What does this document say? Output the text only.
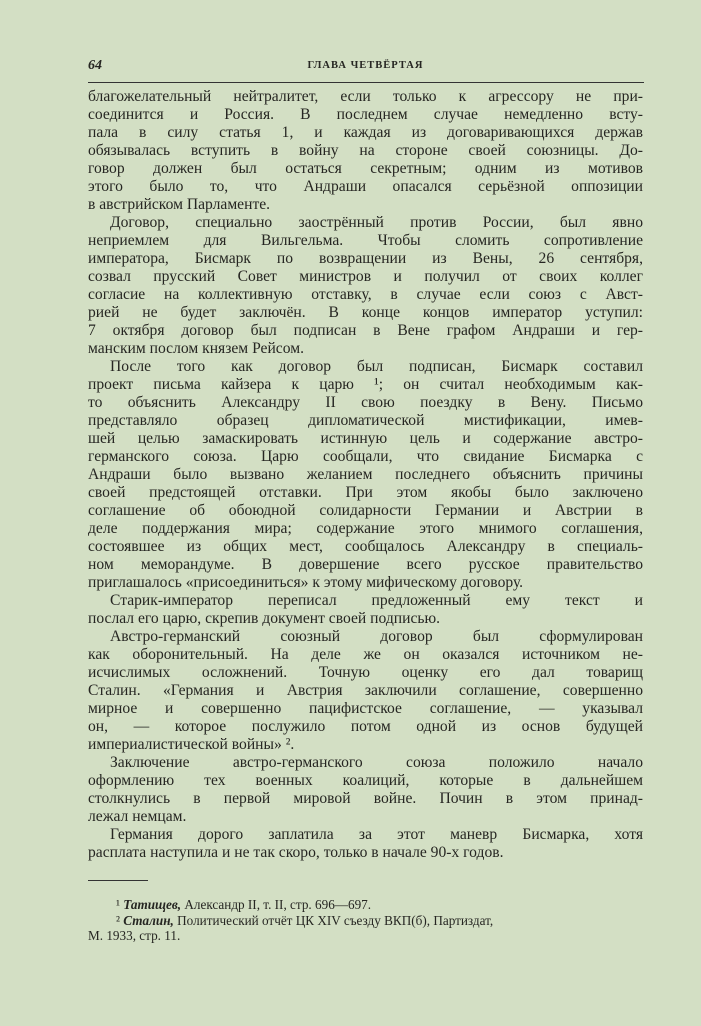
64	ГЛАВА ЧЕТВЁРТАЯ
благожелательный нейтралитет, если только к агрессору не при-
соединится и Россия. В последнем случае немедленно всту-
пала в силу статья 1, и каждая из договаривающихся держав
обязывалась вступить в войну на стороне своей союзницы. До-
говор должен был остаться секретным; одним из мотивов
этого было то, что Андраши опасался серьёзной оппозиции
в австрийском Парламенте.
Договор, специально заострённый против России, был явно
неприемлем для Вильгельма. Чтобы сломить сопротивление
императора, Бисмарк по возвращении из Вены, 26 сентября,
созвал прусский Совет министров и получил от своих коллег
согласие на коллективную отставку, в случае если союз с Авст-
рией не будет заключён. В конце концов император уступил:
7 октября договор был подписан в Вене графом Андраши и гер-
манским послом князем Рейсом.
После того как договор был подписан, Бисмарк составил
проект письма кайзера к царю ¹; он считал необходимым как-
то объяснить Александру II свою поездку в Вену. Письмо
представляло образец дипломатической мистификации, имев-
шей целью замаскировать истинную цель и содержание австро-
германского союза. Царю сообщали, что свидание Бисмарка с
Андраши было вызвано желанием последнего объяснить причины
своей предстоящей отставки. При этом якобы было заключено
соглашение об обоюдной солидарности Германии и Австрии в
деле поддержания мира; содержание этого мнимого соглашения,
состоявшее из общих мест, сообщалось Александру в специаль-
ном меморандуме. В довершение всего русское правительство
приглашалось «присоединиться» к этому мифическому договору.
Старик-император переписал предложенный ему текст и
послал его царю, скрепив документ своей подписью.
Австро-германский союзный договор был сформулирован
как оборонительный. На деле же он оказался источником не-
исчислимых осложнений. Точную оценку его дал товарищ
Сталин. «Германия и Австрия заключили соглашение, совершенно
мирное и совершенно пацифистское соглашение, — указывал
он, — которое послужило потом одной из основ будущей
империалистической войны» ².
Заключение австро-германского союза положило начало
оформлению тех военных коалиций, которые в дальнейшем
столкнулись в первой мировой войне. Почин в этом принад-
лежал немцам.
Германия дорого заплатила за этот маневр Бисмарка, хотя
расплата наступила и не так скоро, только в начале 90-х годов.
¹ Татищев, Александр II, т. II, стр. 696—697.
² Сталин, Политический отчёт ЦК XIV съезду ВКП(б), Партиздат,
М. 1933, стр. 11.
